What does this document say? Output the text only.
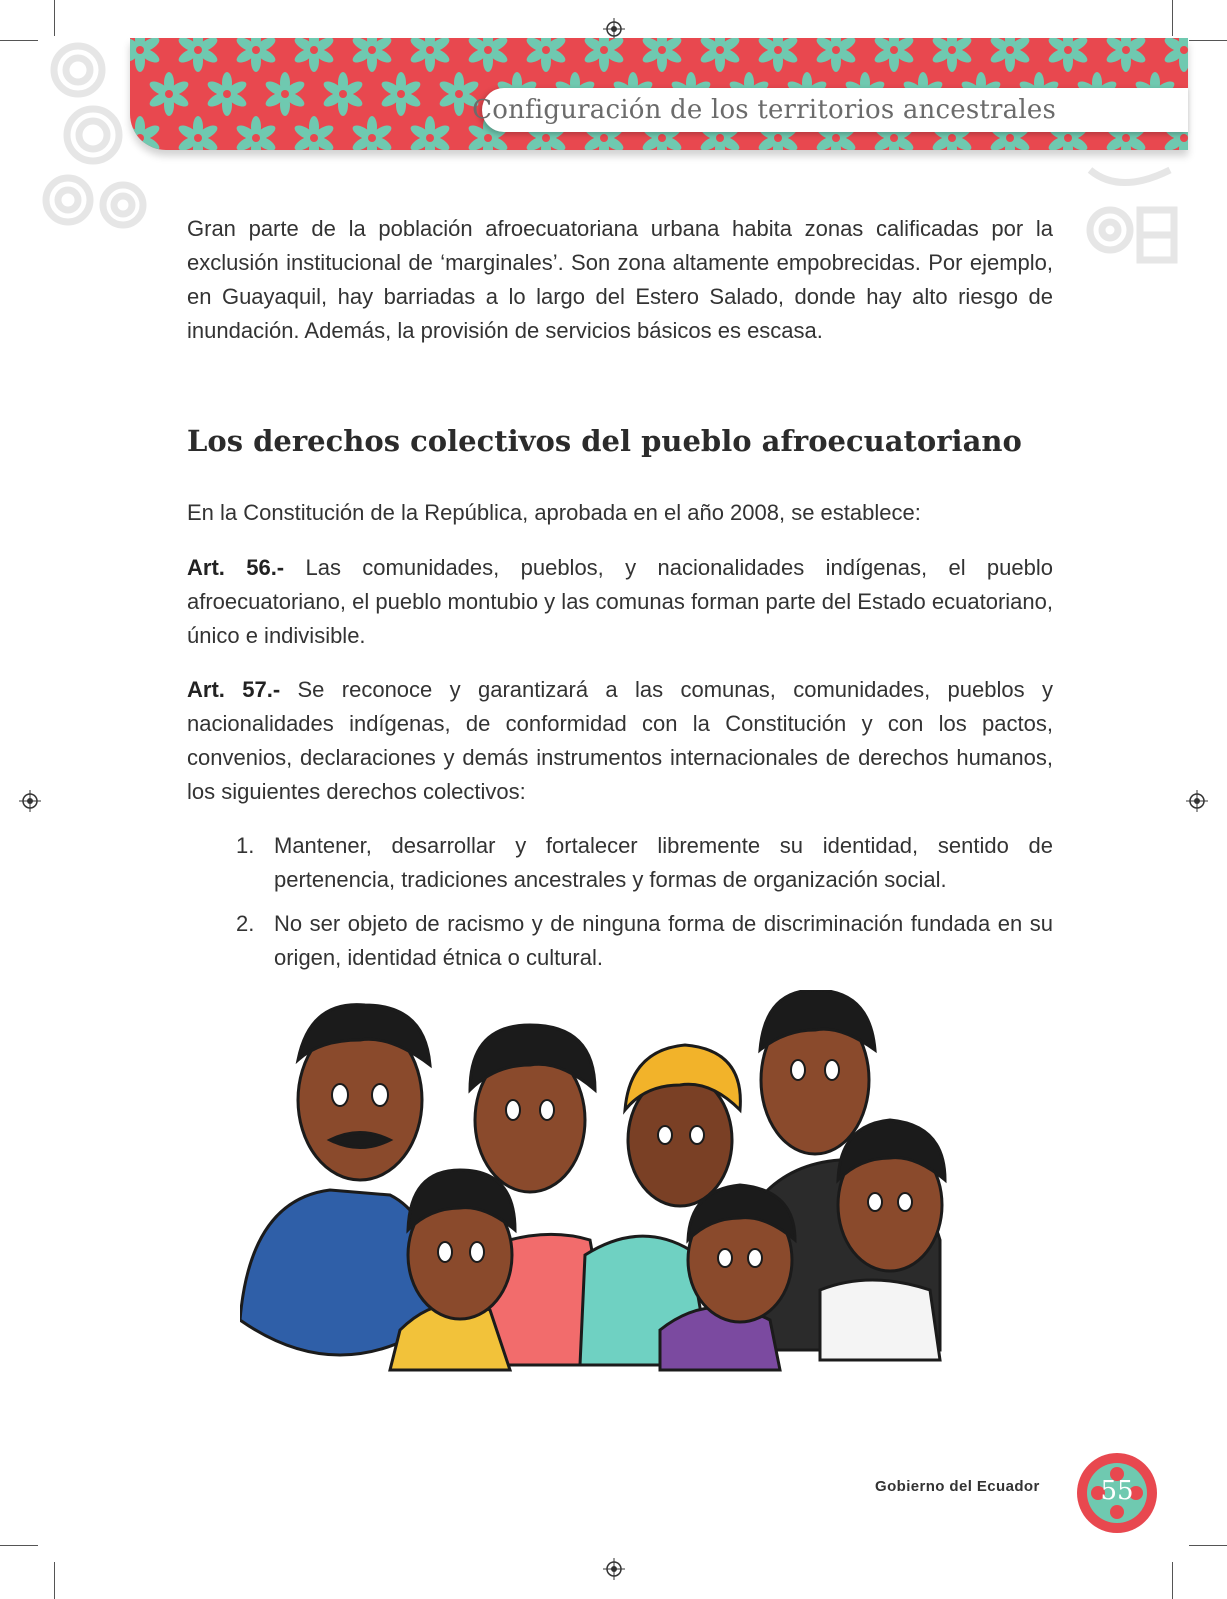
Configuración de los territorios ancestrales

Gran parte de la población afroecuatoriana urbana habita zonas calificadas por la exclusión institucional de ‘marginales’. Son zona altamente empobrecidas. Por ejemplo, en Guayaquil, hay barriadas a lo largo del Estero Salado, donde hay alto riesgo de inundación. Además, la provisión de servicios básicos es escasa.

Los derechos colectivos del pueblo afroecuatoriano

En la Constitución de la República, aprobada en el año 2008, se establece:

Art. 56.- Las comunidades, pueblos, y nacionalidades indígenas, el pueblo afroecuatoriano, el pueblo montubio y las comunas forman parte del Estado ecuatoriano, único e indivisible.

Art. 57.- Se reconoce y garantizará a las comunas, comunidades, pueblos y nacionalidades indígenas, de conformidad con la Constitución y con los pactos, convenios, declaraciones y demás instrumentos internacionales de derechos humanos, los siguientes derechos colectivos:

1. Mantener, desarrollar y fortalecer libremente su identidad, sentido de pertenencia, tradiciones ancestrales y formas de organización social.
2. No ser objeto de racismo y de ninguna forma de discriminación fundada en su origen, identidad étnica o cultural.
Gobierno del Ecuador	55
